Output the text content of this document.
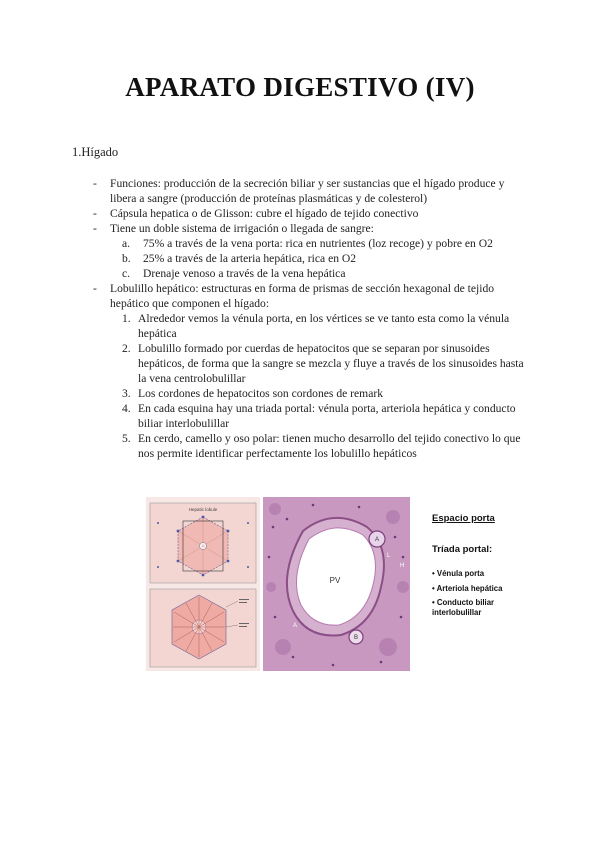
APARATO DIGESTIVO (IV)
1.Hígado
- Funciones: producción de la secreción biliar y ser sustancias que el hígado produce y libera a sangre (producción de proteínas plasmáticas y de colesterol)
- Cápsula hepatica o de Glisson: cubre el hígado de tejido conectivo
- Tiene un doble sistema de irrigación o llegada de sangre:
a. 75% a través de la vena porta: rica en nutrientes (loz recoge) y pobre en O2
b. 25% a través de la arteria hepática, rica en O2
c. Drenaje venoso a través de la vena hepática
- Lobulillo hepático: estructuras en forma de prismas de sección hexagonal de tejido hepático que componen el hígado:
1. Alrededor vemos la vénula porta, en los vértices se ve tanto esta como la vénula hepática
2. Lobulillo formado por cuerdas de hepatocitos que se separan por sinusoides hepáticos, de forma que la sangre se mezcla y fluye a través de los sinusoides hasta la vena centrolobulillar
3. Los cordones de hepatocitos son cordones de remark
4. En cada esquina hay una triada portal: vénula porta, arteriola hepática y conducto biliar interlobulillar
5. En cerdo, camello y oso polar: tienen mucho desarrollo del tejido conectivo lo que nos permite identificar perfectamente los lobulillo hepáticos
Hepatic lobule
PV
A
B
L
H
A
Espacio porta
Tríada portal:
• Vénula porta
• Arteriola hepática
• Conducto biliar interlobulillar
